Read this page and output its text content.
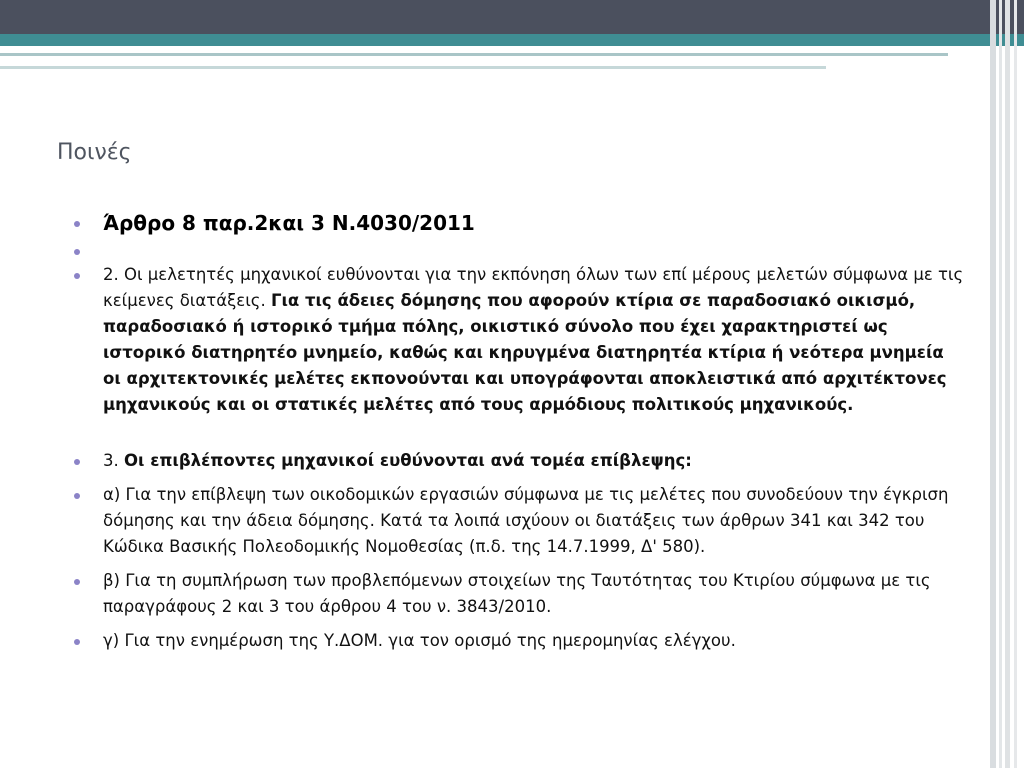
Ποινές
Άρθρο 8 παρ.2και 3 Ν.4030/2011
2. Οι μελετητές μηχανικοί ευθύνονται για την εκπόνηση όλων των επί μέρους μελετών σύμφωνα με τις κείμενες διατάξεις. Για τις άδειες δόμησης που αφορούν κτίρια σε παραδοσιακό οικισμό, παραδοσιακό ή ιστορικό τμήμα πόλης, οικιστικό σύνολο που έχει χαρακτηριστεί ως ιστορικό διατηρητέο μνημείο, καθώς και κηρυγμένα διατηρητέα κτίρια ή νεότερα μνημεία οι αρχιτεκτονικές μελέτες εκπονούνται και υπογράφονται αποκλειστικά από αρχιτέκτονες μηχανικούς και οι στατικές μελέτες από τους αρμόδιους πολιτικούς μηχανικούς.
3. Οι επιβλέποντες μηχανικοί ευθύνονται ανά τομέα επίβλεψης:
α) Για την επίβλεψη των οικοδομικών εργασιών σύμφωνα με τις μελέτες που συνοδεύουν την έγκριση δόμησης και την άδεια δόμησης. Κατά τα λοιπά ισχύουν οι διατάξεις των άρθρων 341 και 342 του Κώδικα Βασικής Πολεοδομικής Νομοθεσίας (π.δ. της 14.7.1999, Δ' 580).
β) Για τη συμπλήρωση των προβλεπόμενων στοιχείων της Ταυτότητας του Κτιρίου σύμφωνα με τις παραγράφους 2 και 3 του άρθρου 4 του ν. 3843/2010.
γ) Για την ενημέρωση της Υ.ΔΟΜ. για τον ορισμό της ημερομηνίας ελέγχου.
